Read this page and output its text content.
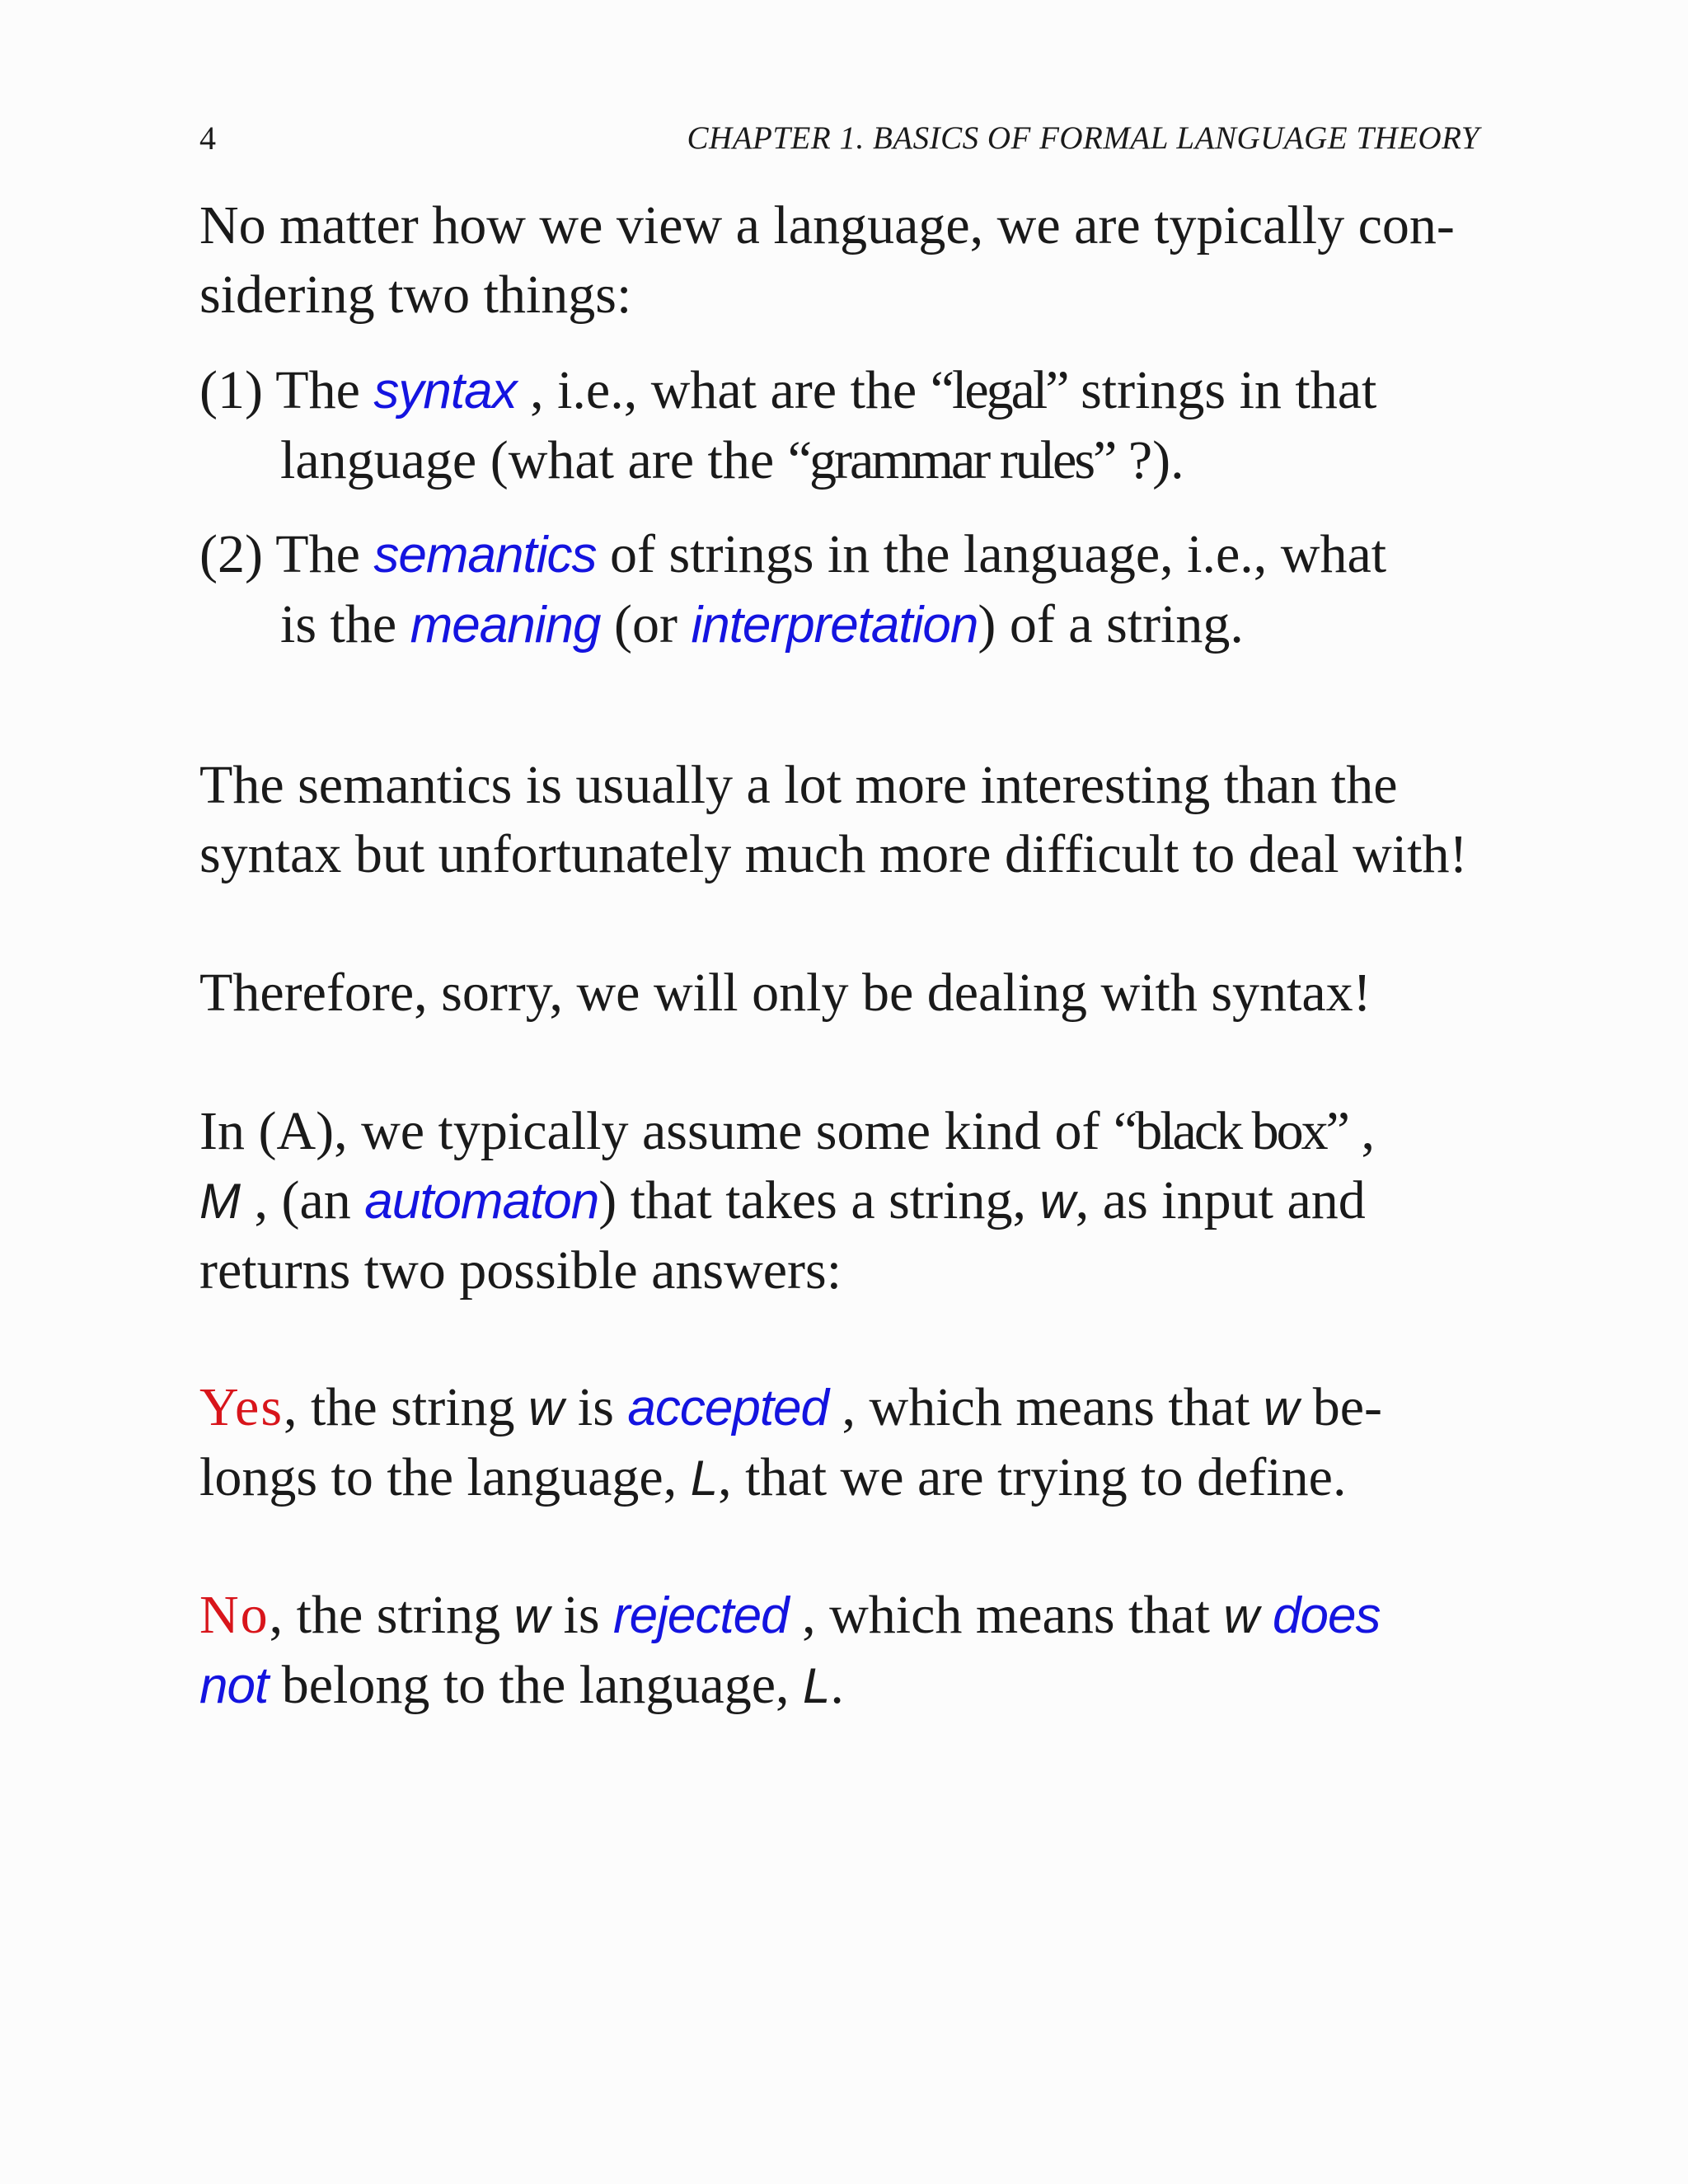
4	CHAPTER 1. BASICS OF FORMAL LANGUAGE THEORY

No matter how we view a language, we are typically con-
sidering two things:

(1) The syntax , i.e., what are the “legal” strings in that
language (what are the “grammar rules” ?).

(2) The semantics of strings in the language, i.e., what
is the meaning (or interpretation) of a string.

The semantics is usually a lot more interesting than the
syntax but unfortunately much more difficult to deal with!

Therefore, sorry, we will only be dealing with syntax!

In (A), we typically assume some kind of “black box” ,
M , (an automaton) that takes a string, w, as input and
returns two possible answers:

Yes, the string w is accepted , which means that w be-
longs to the language, L, that we are trying to define.

No, the string w is rejected , which means that w does
not belong to the language, L.
